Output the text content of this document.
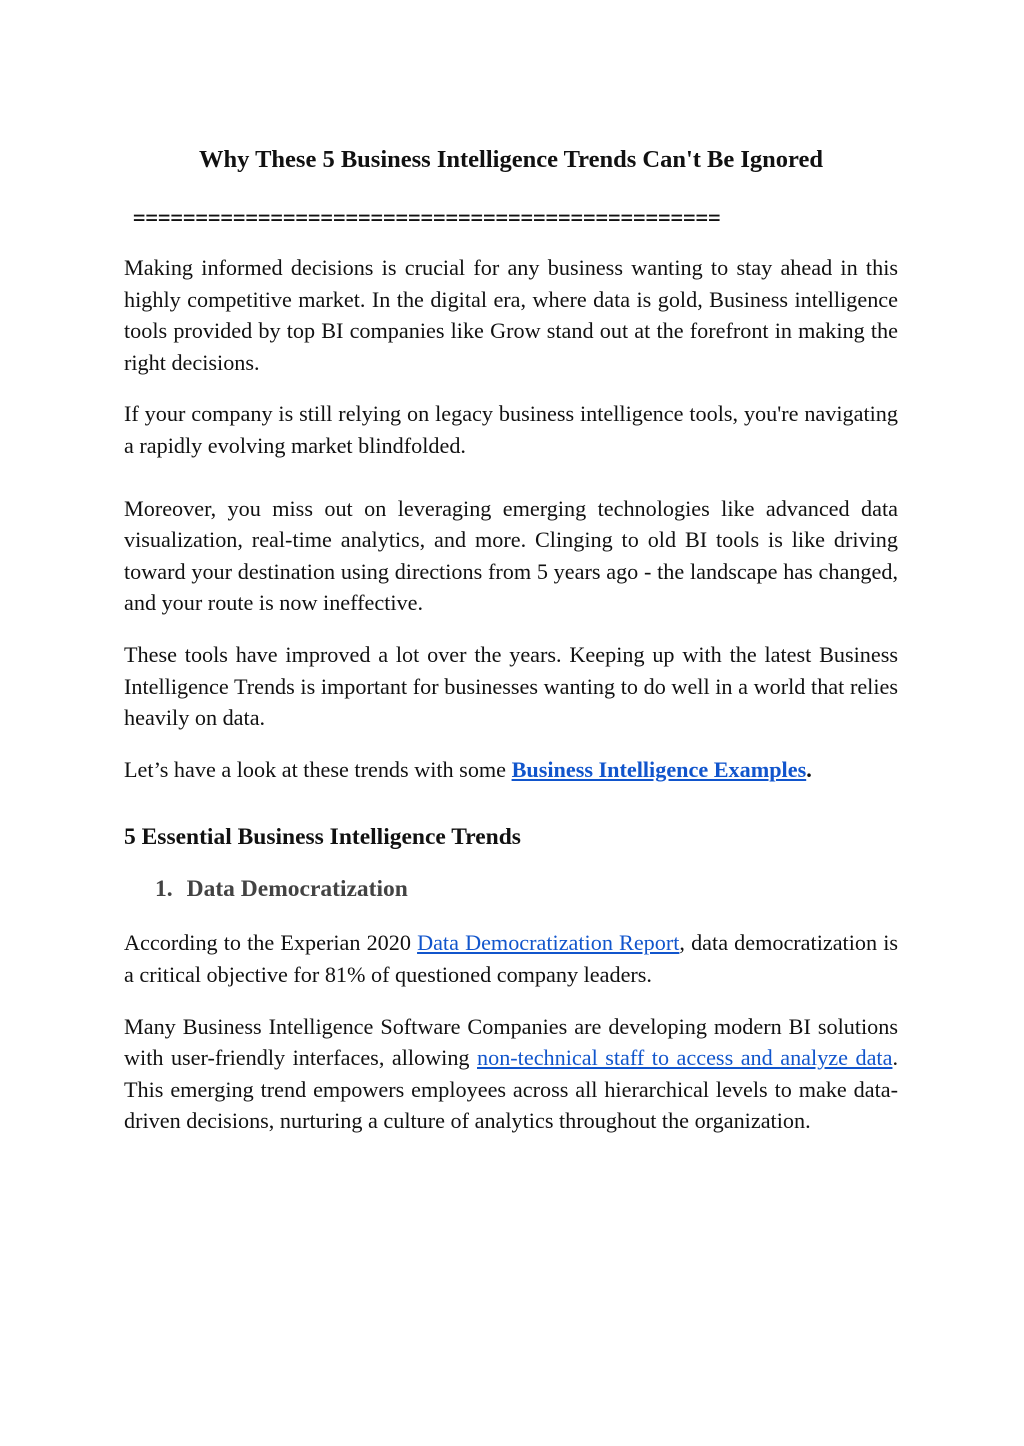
Why These 5 Business Intelligence Trends Can't Be Ignored
===============================================

Making informed decisions is crucial for any business wanting to stay ahead in this highly competitive market. In the digital era, where data is gold, Business intelligence tools provided by top BI companies like Grow stand out at the forefront in making the right decisions.

If your company is still relying on legacy business intelligence tools, you're navigating a rapidly evolving market blindfolded.

Moreover, you miss out on leveraging emerging technologies like advanced data visualization, real-time analytics, and more. Clinging to old BI tools is like driving toward your destination using directions from 5 years ago - the landscape has changed, and your route is now ineffective.

These tools have improved a lot over the years. Keeping up with the latest Business Intelligence Trends is important for businesses wanting to do well in a world that relies heavily on data.

Let’s have a look at these trends with some Business Intelligence Examples.

5 Essential Business Intelligence Trends
1. Data Democratization

According to the Experian 2020 Data Democratization Report, data democratization is a critical objective for 81% of questioned company leaders.

Many Business Intelligence Software Companies are developing modern BI solutions with user-friendly interfaces, allowing non-technical staff to access and analyze data. This emerging trend empowers employees across all hierarchical levels to make data-driven decisions, nurturing a culture of analytics throughout the organization.
